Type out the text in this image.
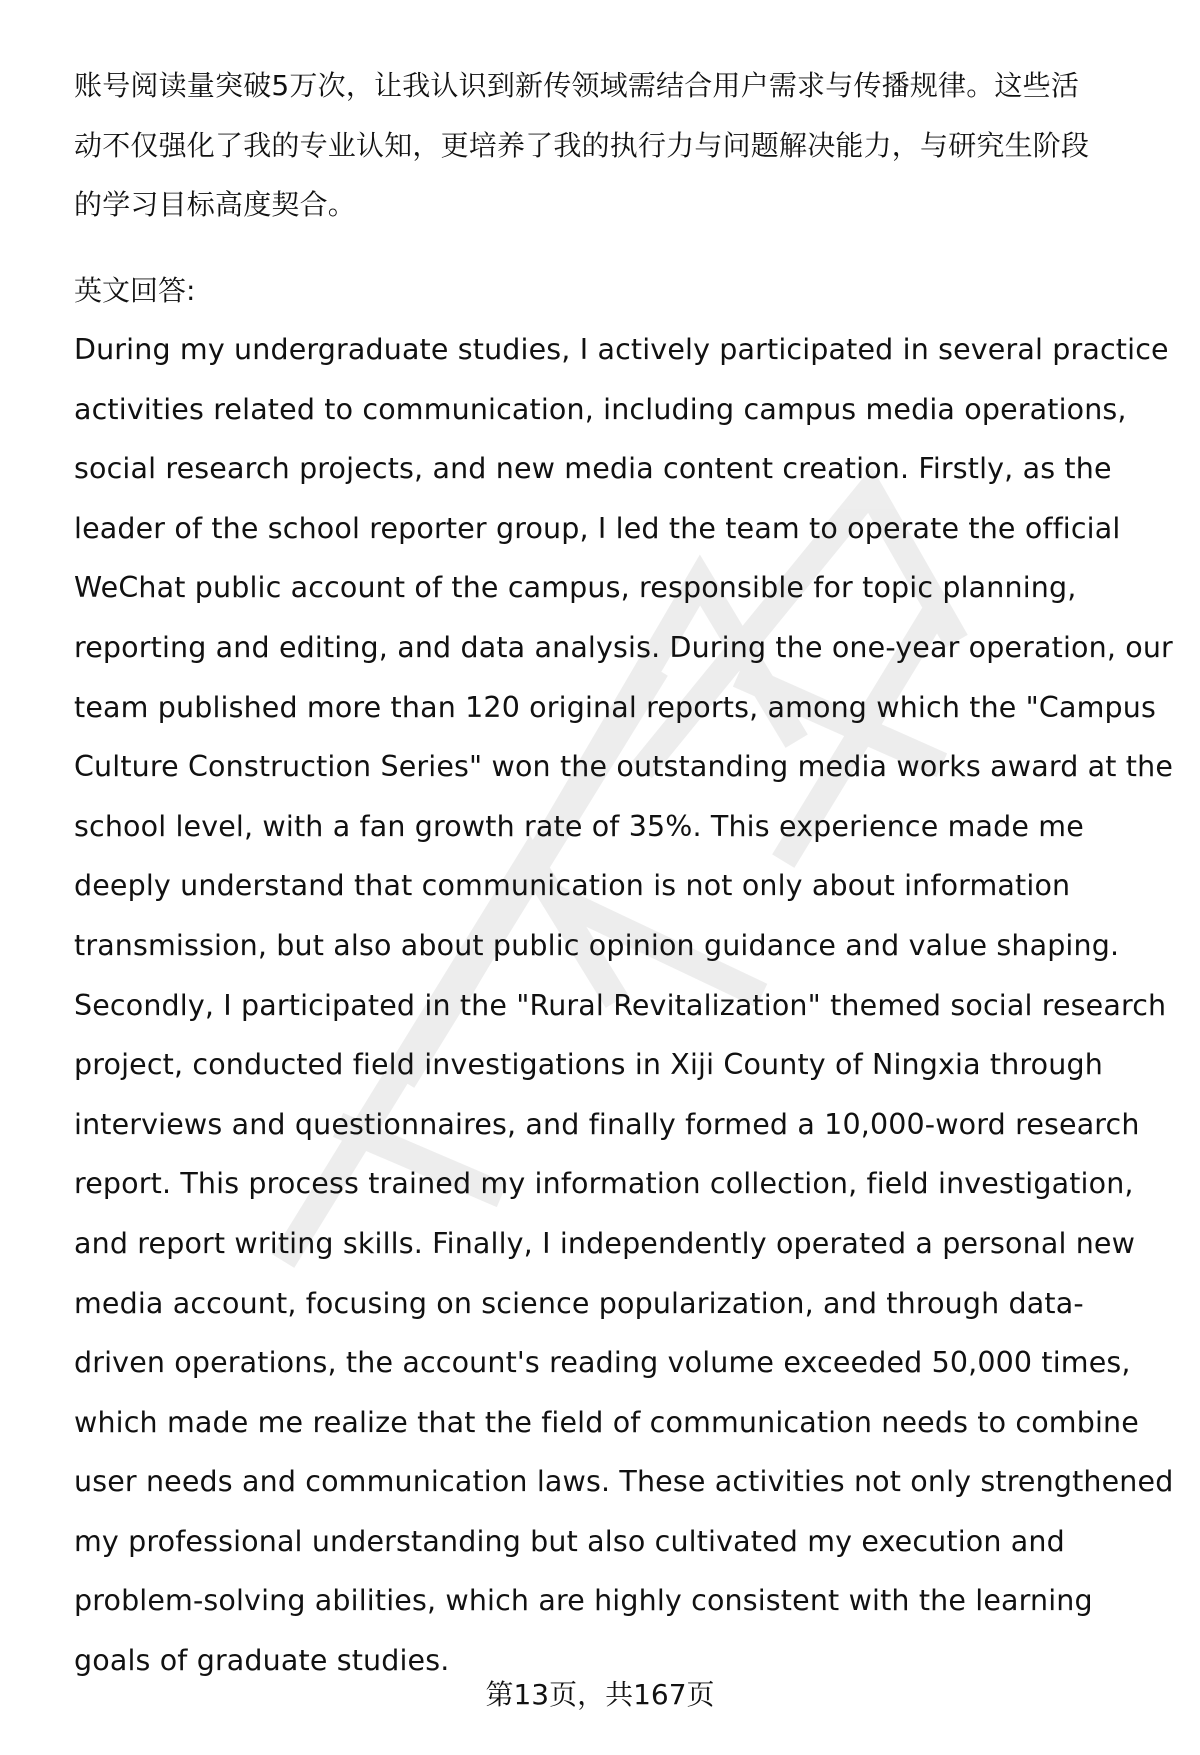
账号阅读量突破5万次，让我认识到新传领域需结合用户需求与传播规律。这些活
动不仅强化了我的专业认知，更培养了我的执行力与问题解决能力，与研究生阶段
的学习目标高度契合。
英文回答:
During my undergraduate studies, I actively participated in several practice
activities related to communication, including campus media operations,
social research projects, and new media content creation. Firstly, as the
leader of the school reporter group, I led the team to operate the official
WeChat public account of the campus, responsible for topic planning,
reporting and editing, and data analysis. During the one-year operation, our
team published more than 120 original reports, among which the "Campus
Culture Construction Series" won the outstanding media works award at the
school level, with a fan growth rate of 35%. This experience made me
deeply understand that communication is not only about information
transmission, but also about public opinion guidance and value shaping.
Secondly, I participated in the "Rural Revitalization" themed social research
project, conducted field investigations in Xiji County of Ningxia through
interviews and questionnaires, and finally formed a 10,000-word research
report. This process trained my information collection, field investigation,
and report writing skills. Finally, I independently operated a personal new
media account, focusing on science popularization, and through data-
driven operations, the account's reading volume exceeded 50,000 times,
which made me realize that the field of communication needs to combine
user needs and communication laws. These activities not only strengthened
my professional understanding but also cultivated my execution and
problem-solving abilities, which are highly consistent with the learning
goals of graduate studies.
第13页，共167页
